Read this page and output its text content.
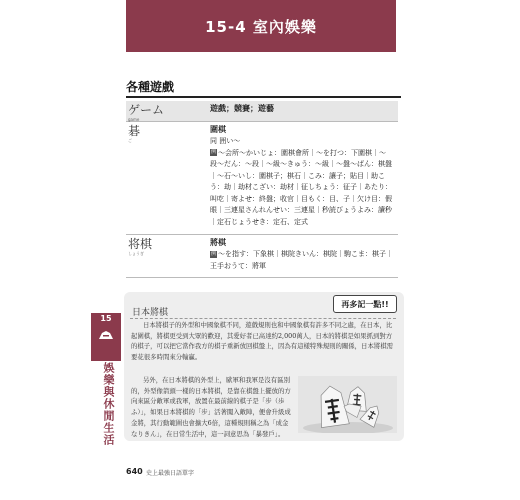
15-4 室內娛樂
各種遊戲
ゲーム
game
遊戲；競賽；遊藝
碁
ご
圍棋
同 囲い〜
例 〜会所〜かいじょ：圍棋會所｜〜を打つ：下圍棋｜〜段〜だん：〜段｜〜級〜きゅう：〜級｜〜盤〜ばん：棋盤｜〜石〜いし：圍棋子；棋石｜こみ：讓子；貼目｜助こう：劫｜劫材こざい：劫材｜征しちょう：征子｜あたり：叫吃｜寄よせ：終盤；收官｜目もく：目、子｜欠け目：假眼｜三連星さんれんせい：三連星｜秒読びょうよみ：讀秒｜定石じょうせき：定石、定式
将棋
しょうぎ
將棋
例 〜を指す：下象棋｜棋院きいん：棋院｜駒こま：棋子｜王手おうて：將軍
15
娛樂與休閒生活
再多記一點!!
日本將棋

日本將棋子的外型和中國象棋不同，遊戲規則也和中國象棋有許多不同之處，在日本，比起圍棋，將棋更受到大眾的歡迎，其愛好者已高達約2,000萬人，日本的將棋是如果抓到對方的棋子，可以把它當作我方的棋子重新放回棋盤上，因為有這樣特殊規則的關係，日本將棋需要花很多時間來分輸贏。

另外，在日本將棋的外型上，歐軍和我軍是沒有區別的，外型像箭頭一樣的日本將棋，是靠在棋盤上擺放的方向來區分敵軍或我軍，放置在最前線的棋子是「步（歩ふ）」，如果日本將棋的「步」活著闖入敵陣，便會升級成金將，其行動範圍也會擴大6倍，這種規則稱之為「成金なりきん」，在日常生活中，這一詞意思為「暴發戶」。

640 史上最強日語單字
